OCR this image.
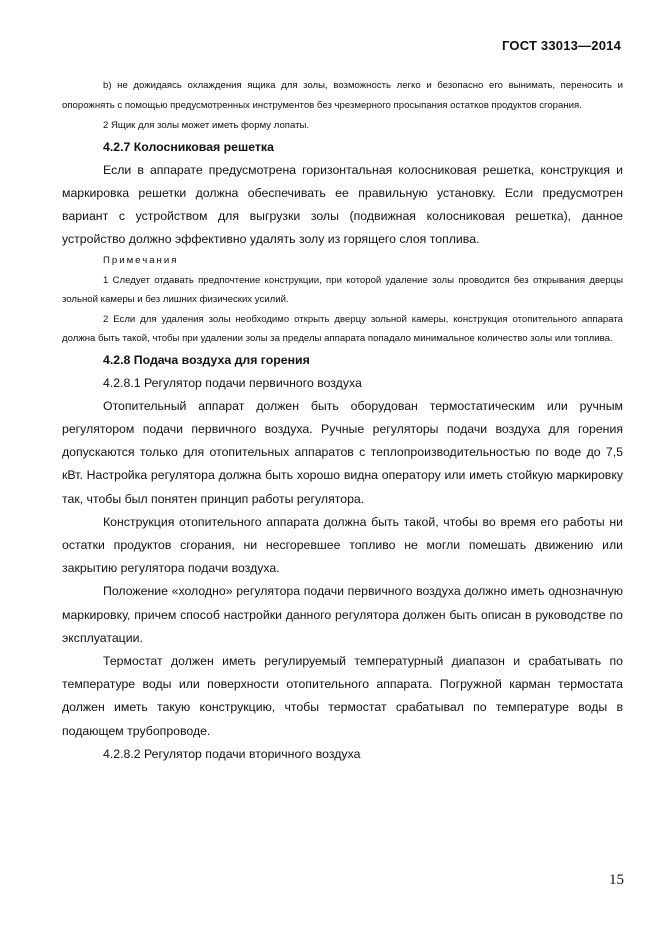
ГОСТ 33013—2014

b) не дожидаясь охлаждения ящика для золы, возможность легко и безопасно его вынимать, переносить и опорожнять с помощью предусмотренных инструментов без чрезмерного просыпания остатков продуктов сгорания.

2 Ящик для золы может иметь форму лопаты.

4.2.7 Колосниковая решетка

Если в аппарате предусмотрена горизонтальная колосниковая решетка, конструкция и маркировка решетки должна обеспечивать ее правильную установку. Если предусмотрен вариант с устройством для выгрузки золы (подвижная колосниковая решетка), данное устройство должно эффективно удалять золу из горящего слоя топлива.

Примечания

1 Следует отдавать предпочтение конструкции, при которой удаление золы проводится без открывания дверцы зольной камеры и без лишних физических усилий.

2 Если для удаления золы необходимо открыть дверцу зольной камеры, конструкция отопительного аппарата должна быть такой, чтобы при удалении золы за пределы аппарата попадало минимальное количество золы или топлива.

4.2.8 Подача воздуха для горения

4.2.8.1 Регулятор подачи первичного воздуха

Отопительный аппарат должен быть оборудован термостатическим или ручным регулятором подачи первичного воздуха. Ручные регуляторы подачи воздуха для горения допускаются только для отопительных аппаратов с теплопроизводительностью по воде до 7,5 кВт. Настройка регулятора должна быть хорошо видна оператору или иметь стойкую маркировку так, чтобы был понятен принцип работы регулятора.

Конструкция отопительного аппарата должна быть такой, чтобы во время его работы ни остатки продуктов сгорания, ни несгоревшее топливо не могли помешать движению или закрытию регулятора подачи воздуха.

Положение «холодно» регулятора подачи первичного воздуха должно иметь однозначную маркировку, причем способ настройки данного регулятора должен быть описан в руководстве по эксплуатации.

Термостат должен иметь регулируемый температурный диапазон и срабатывать по температуре воды или поверхности отопительного аппарата. Погружной карман термостата должен иметь такую конструкцию, чтобы термостат срабатывал по температуре воды в подающем трубопроводе.

4.2.8.2 Регулятор подачи вторичного воздуха

15
